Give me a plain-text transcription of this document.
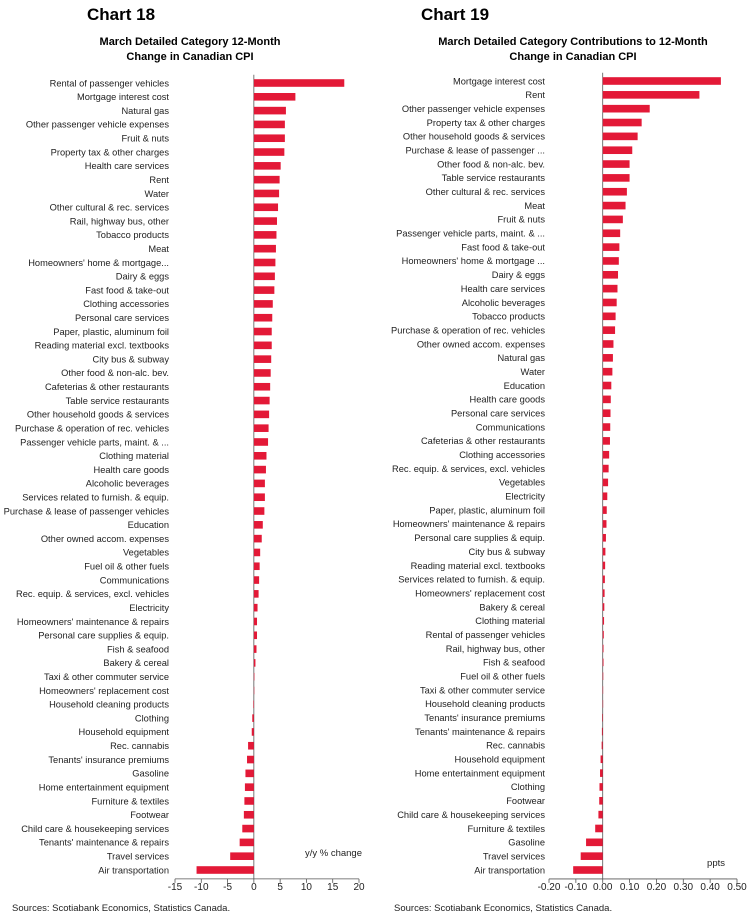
Chart 18
March Detailed Category 12-Month
Change in Canadian CPI
Chart 19
March Detailed Category Contributions to 12-Month
Change in Canadian CPI
-15 -10 -5 0 5 10 15 20
Rental of passenger vehicles
Mortgage interest cost
Natural gas
Other passenger vehicle expenses
Fruit & nuts
Property tax & other charges
Health care services
Rent
Water
Other cultural & rec. services
Rail, highway bus, other
Tobacco products
Meat
Homeowners' home & mortgage...
Dairy & eggs
Fast food & take-out
Clothing accessories
Personal care services
Paper, plastic, aluminum foil
Reading material excl. textbooks
City bus & subway
Other food & non-alc. bev.
Cafeterias & other restaurants
Table service restaurants
Other household goods & services
Purchase & operation of rec. vehicles
Passenger vehicle parts, maint. & ...
Clothing material
Health care goods
Alcoholic beverages
Services related to furnish. & equip.
Purchase & lease of passenger vehicles
Education
Other owned accom. expenses
Vegetables
Fuel oil & other fuels
Communications
Rec. equip. & services, excl. vehicles
Electricity
Homeowners' maintenance & repairs
Personal care supplies & equip.
Fish & seafood
Bakery & cereal
Taxi & other commuter service
Homeowners' replacement cost
Household cleaning products
Clothing
Household equipment
Rec. cannabis
Tenants' insurance premiums
Gasoline
Home entertainment equipment
Furniture & textiles
Footwear
Child care & housekeeping services
Tenants' maintenance & repairs
Travel services
Air transportation
y/y % change
-0.20 -0.10 0.00 0.10 0.20 0.30 0.40 0.50
Mortgage interest cost
Rent
Other passenger vehicle expenses
Property tax & other charges
Other household goods & services
Purchase & lease of passenger ...
Other food & non-alc. bev.
Table service restaurants
Other cultural & rec. services
Meat
Fruit & nuts
Passenger vehicle parts, maint. & ...
Fast food & take-out
Homeowners' home & mortgage ...
Dairy & eggs
Health care services
Alcoholic beverages
Tobacco products
Purchase & operation of rec. vehicles
Other owned accom. expenses
Natural gas
Water
Education
Health care goods
Personal care services
Communications
Cafeterias & other restaurants
Clothing accessories
Rec. equip. & services, excl. vehicles
Vegetables
Electricity
Paper, plastic, aluminum foil
Homeowners' maintenance & repairs
Personal care supplies & equip.
City bus & subway
Reading material excl. textbooks
Services related to furnish. & equip.
Homeowners' replacement cost
Bakery & cereal
Clothing material
Rental of passenger vehicles
Rail, highway bus, other
Fish & seafood
Fuel oil & other fuels
Taxi & other commuter service
Household cleaning products
Tenants' insurance premiums
Tenants' maintenance & repairs
Rec. cannabis
Household equipment
Home entertainment equipment
Clothing
Footwear
Child care & housekeeping services
Furniture & textiles
Gasoline
Travel services
Air transportation
ppts
Sources: Scotiabank Economics, Statistics Canada.	Sources: Scotiabank Economics, Statistics Canada.
